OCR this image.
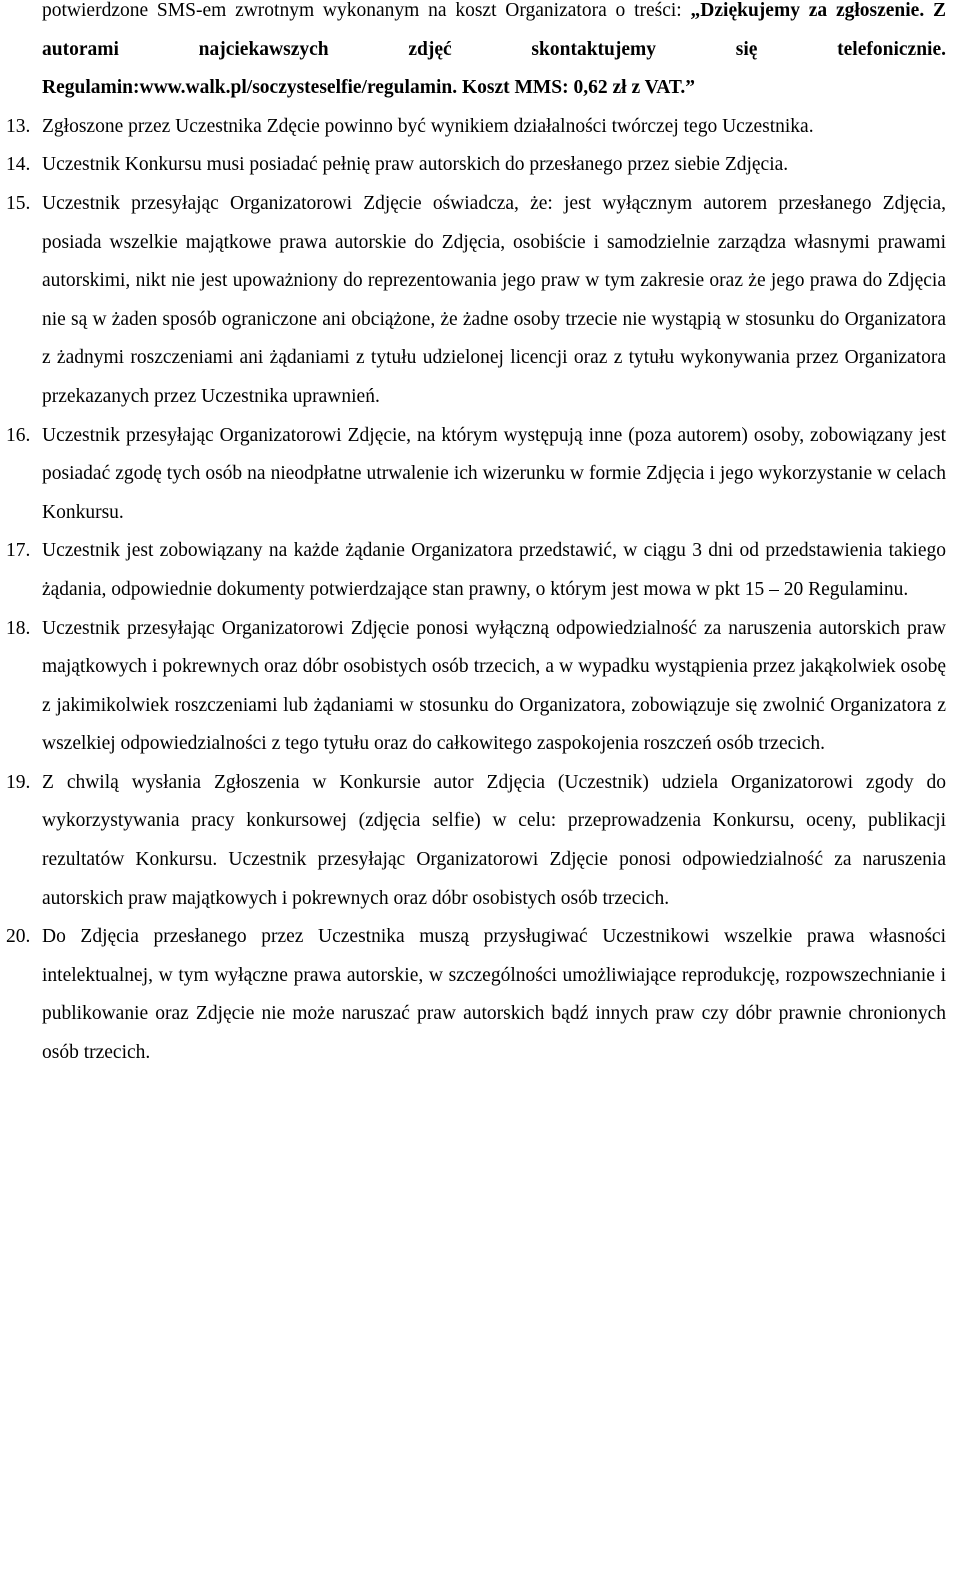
potwierdzone SMS-em zwrotnym wykonanym na koszt Organizatora o treści: „Dziękujemy za zgłoszenie. Z autorami najciekawszych zdjęć skontaktujemy się telefonicznie. Regulamin:www.walk.pl/soczysteselfie/regulamin. Koszt MMS: 0,62 zł z VAT.”

13. Zgłoszone przez Uczestnika Zdęcie powinno być wynikiem działalności twórczej tego Uczestnika.

14. Uczestnik Konkursu musi posiadać pełnię praw autorskich do przesłanego przez siebie Zdjęcia.

15. Uczestnik przesyłając Organizatorowi Zdjęcie oświadcza, że: jest wyłącznym autorem przesłanego Zdjęcia, posiada wszelkie majątkowe prawa autorskie do Zdjęcia, osobiście i samodzielnie zarządza własnymi prawami autorskimi, nikt nie jest upoważniony do reprezentowania jego praw w tym zakresie oraz że jego prawa do Zdjęcia nie są w żaden sposób ograniczone ani obciążone, że żadne osoby trzecie nie wystąpią w stosunku do Organizatora z żadnymi roszczeniami ani żądaniami z tytułu udzielonej licencji oraz z tytułu wykonywania przez Organizatora przekazanych przez Uczestnika uprawnień.

16. Uczestnik przesyłając Organizatorowi Zdjęcie, na którym występują inne (poza autorem) osoby, zobowiązany jest posiadać zgodę tych osób na nieodpłatne utrwalenie ich wizerunku w formie Zdjęcia i jego wykorzystanie w celach Konkursu.

17. Uczestnik jest zobowiązany na każde żądanie Organizatora przedstawić, w ciągu 3 dni od przedstawienia takiego żądania, odpowiednie dokumenty potwierdzające stan prawny, o którym jest mowa w pkt 15 – 20 Regulaminu.

18. Uczestnik przesyłając Organizatorowi Zdjęcie ponosi wyłączną odpowiedzialność za naruszenia autorskich praw majątkowych i pokrewnych oraz dóbr osobistych osób trzecich, a w wypadku wystąpienia przez jakąkolwiek osobę z jakimikolwiek roszczeniami lub żądaniami w stosunku do Organizatora, zobowiązuje się zwolnić Organizatora z wszelkiej odpowiedzialności z tego tytułu oraz do całkowitego zaspokojenia roszczeń osób trzecich.

19. Z chwilą wysłania Zgłoszenia w Konkursie autor Zdjęcia (Uczestnik) udziela Organizatorowi zgody do wykorzystywania pracy konkursowej (zdjęcia selfie) w celu: przeprowadzenia Konkursu, oceny, publikacji rezultatów Konkursu. Uczestnik przesyłając Organizatorowi Zdjęcie ponosi odpowiedzialność za naruszenia autorskich praw majątkowych i pokrewnych oraz dóbr osobistych osób trzecich.

20. Do Zdjęcia przesłanego przez Uczestnika muszą przysługiwać Uczestnikowi wszelkie prawa własności intelektualnej, w tym wyłączne prawa autorskie, w szczególności umożliwiające reprodukcję, rozpowszechnianie i publikowanie oraz Zdjęcie nie może naruszać praw autorskich bądź innych praw czy dóbr prawnie chronionych osób trzecich.
